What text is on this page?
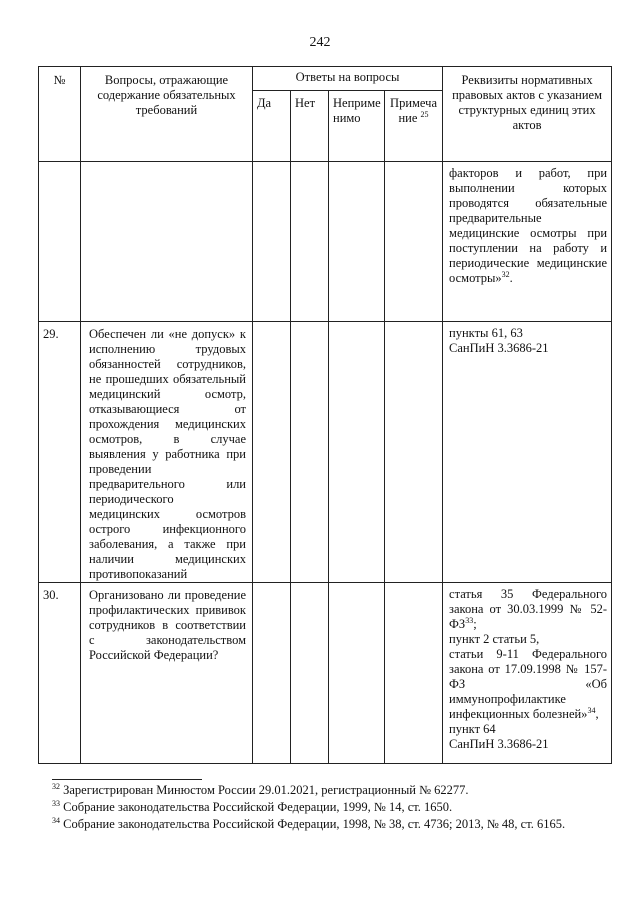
242
№	Вопросы, отражающие содержание обязательных требований	Ответы на вопросы				Реквизиты нормативных правовых актов с указанием структурных единиц этих актов
		Да	Нет	Неприме нимо	Примеча ние $^{25}$
						факторов и работ, при выполнении которых проводятся обязательные предварительные медицинские осмотры при поступлении на работу и периодические медицинские осмотры»$^{32}$.
29.	Обеспечен ли «не допуск» к исполнению трудовых обязанностей сотрудников, не прошедших обязательный медицинский осмотр, отказывающиеся от прохождения медицинских осмотров, в случае выявления у работника при проведении предварительного или периодического медицинских осмотров острого инфекционного заболевания, а также при наличии медицинских противопоказаний					пункты 61, 63
СанПиН 3.3686-21

30.	Организовано ли проведение профилактических прививок сотрудников в соответствии с законодательством Российской Федерации?					статья 35 Федерального закона от 30.03.1999 № 52-ФЗ$^{33}$;
пункт 2 статьи 5,
статьи 9-11 Федерального закона от 17.09.1998 № 157-ФЗ «Об иммунопрофилактике инфекционных болезней»$^{34}$,
пункт 64
СанПиН 3.3686-21
$^{32}$ Зарегистрирован Минюстом России 29.01.2021, регистрационный № 62277.
$^{33}$ Собрание законодательства Российской Федерации, 1999, № 14, ст. 1650.
$^{34}$ Собрание законодательства Российской Федерации, 1998, № 38, ст. 4736; 2013, № 48, ст. 6165.
